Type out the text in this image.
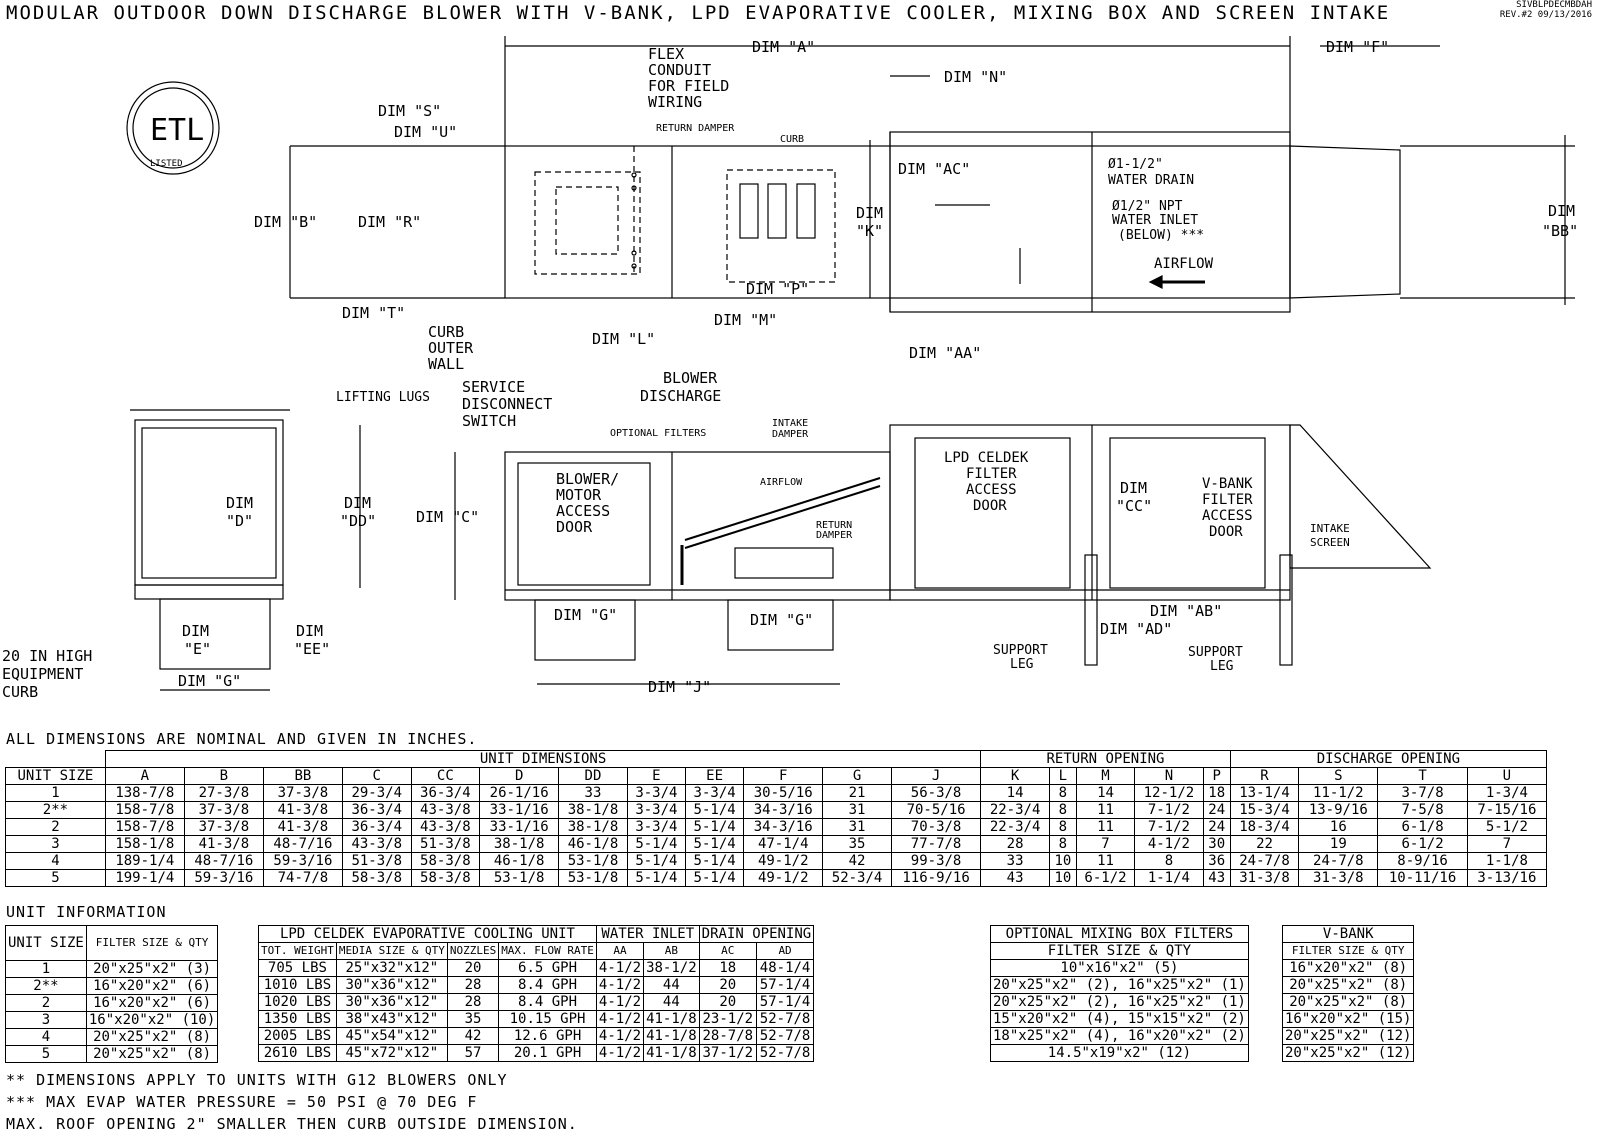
MODULAR OUTDOOR DOWN DISCHARGE BLOWER WITH V-BANK, LPD EVAPORATIVE COOLER, MIXING BOX AND SCREEN INTAKE	SIVBLPDECMBDAH
REV.#2 09/13/2016
ETL
LISTED
DIM "A"	DIM "F"
DIM "N"
DIM "S"
DIM "U"
DIM "B"	DIM "R"
DIM "T"
DIM "AC"
DIM
"K"
DIM "P"
DIM "L"
DIM "M"
DIM "AA"
DIM
"BB"
FLEX
CONDUIT
FOR FIELD
WIRING
RETURN DAMPER
CURB
Ø1-1/2"
WATER DRAIN
Ø1/2" NPT
WATER INLET
(BELOW) ***
AIRFLOW
CURB
OUTER
WALL
BLOWER
DISCHARGE
LIFTING LUGS
SERVICE
DISCONNECT
SWITCH
OPTIONAL FILTERS
INTAKE
DAMPER
DIM
"D"
DIM
"DD"	DIM "C"
BLOWER/
MOTOR
ACCESS
DOOR
AIRFLOW
RETURN
DAMPER
LPD CELDEK
FILTER
ACCESS
DOOR
DIM
"CC"
V-BANK
FILTER
ACCESS
DOOR	INTAKE
SCREEN
DIM
"E"
DIM
"EE"
DIM "G"
DIM "G"	DIM "G"
DIM "J"
DIM "AB"
DIM "AD"
SUPPORT
LEG
SUPPORT
LEG
20 IN HIGH
EQUIPMENT
CURB
ALL DIMENSIONS ARE NOMINAL AND GIVEN IN INCHES.
	UNIT DIMENSIONS												RETURN OPENING					DISCHARGE OPENING			
UNIT SIZE	A	B	BB	C	CC	D	DD	E	EE	F	G	J	K	L	M	N	P	R	S	T	U
1	138-7/8	27-3/8	37-3/8	29-3/4	36-3/4	26-1/16	33	3-3/4	3-3/4	30-5/16	21	56-3/8	14	8	14	12-1/2	18	13-1/4	11-1/2	3-7/8	1-3/4
2**	158-7/8	37-3/8	41-3/8	36-3/4	43-3/8	33-1/16	38-1/8	3-3/4	5-1/4	34-3/16	31	70-5/16	22-3/4	8	11	7-1/2	24	15-3/4	13-9/16	7-5/8	7-15/16
2	158-7/8	37-3/8	41-3/8	36-3/4	43-3/8	33-1/16	38-1/8	3-3/4	5-1/4	34-3/16	31	70-3/8	22-3/4	8	11	7-1/2	24	18-3/4	16	6-1/8	5-1/2
3	158-1/8	41-3/8	48-7/16	43-3/8	51-3/8	38-1/8	46-1/8	5-1/4	5-1/4	47-1/4	35	77-7/8	28	8	7	4-1/2	30	22	19	6-1/2	7
4	189-1/4	48-7/16	59-3/16	51-3/8	58-3/8	46-1/8	53-1/8	5-1/4	5-1/4	49-1/2	42	99-3/8	33	10	11	8	36	24-7/8	24-7/8	8-9/16	1-1/8
5	199-1/4	59-3/16	74-7/8	58-3/8	58-3/8	53-1/8	53-1/8	5-1/4	5-1/4	49-1/2	52-3/4	116-9/16	43	10	6-1/2	1-1/4	43	31-3/8	31-3/8	10-11/16	3-13/16
UNIT INFORMATION
UNIT SIZE	FILTER SIZE & QTY
1	20"x25"x2" (3)
2**	16"x20"x2" (6)
2	16"x20"x2" (6)
3	16"x20"x2" (10)
4	20"x25"x2" (8)
5	20"x25"x2" (8)
LPD CELDEK EVAPORATIVE COOLING UNIT				WATER INLET		DRAIN OPENING	
TOT. WEIGHT	MEDIA SIZE & QTY	NOZZLES	MAX. FLOW RATE	AA	AB	AC	AD
705 LBS	25"x32"x12"	20	6.5 GPH	4-1/2	38-1/2	18	48-1/4
1010 LBS	30"x36"x12"	28	8.4 GPH	4-1/2	44	20	57-1/4
1020 LBS	30"x36"x12"	28	8.4 GPH	4-1/2	44	20	57-1/4
1350 LBS	38"x43"x12"	35	10.15 GPH	4-1/2	41-1/8	23-1/2	52-7/8
2005 LBS	45"x54"x12"	42	12.6 GPH	4-1/2	41-1/8	28-7/8	52-7/8
2610 LBS	45"x72"x12"	57	20.1 GPH	4-1/2	41-1/8	37-1/2	52-7/8
OPTIONAL MIXING BOX FILTERS
FILTER SIZE & QTY
10"x16"x2" (5)
20"x25"x2" (2), 16"x25"x2" (1)
20"x25"x2" (2), 16"x25"x2" (1)
15"x20"x2" (4), 15"x15"x2" (2)
18"x25"x2" (4), 16"x20"x2" (2)
14.5"x19"x2" (12)
V-BANK
FILTER SIZE & QTY
16"x20"x2" (8)
20"x25"x2" (8)
20"x25"x2" (8)
16"x20"x2" (15)
20"x25"x2" (12)
20"x25"x2" (12)
** DIMENSIONS APPLY TO UNITS WITH G12 BLOWERS ONLY
*** MAX EVAP WATER PRESSURE = 50 PSI @ 70 DEG F
MAX. ROOF OPENING 2" SMALLER THEN CURB OUTSIDE DIMENSION.
